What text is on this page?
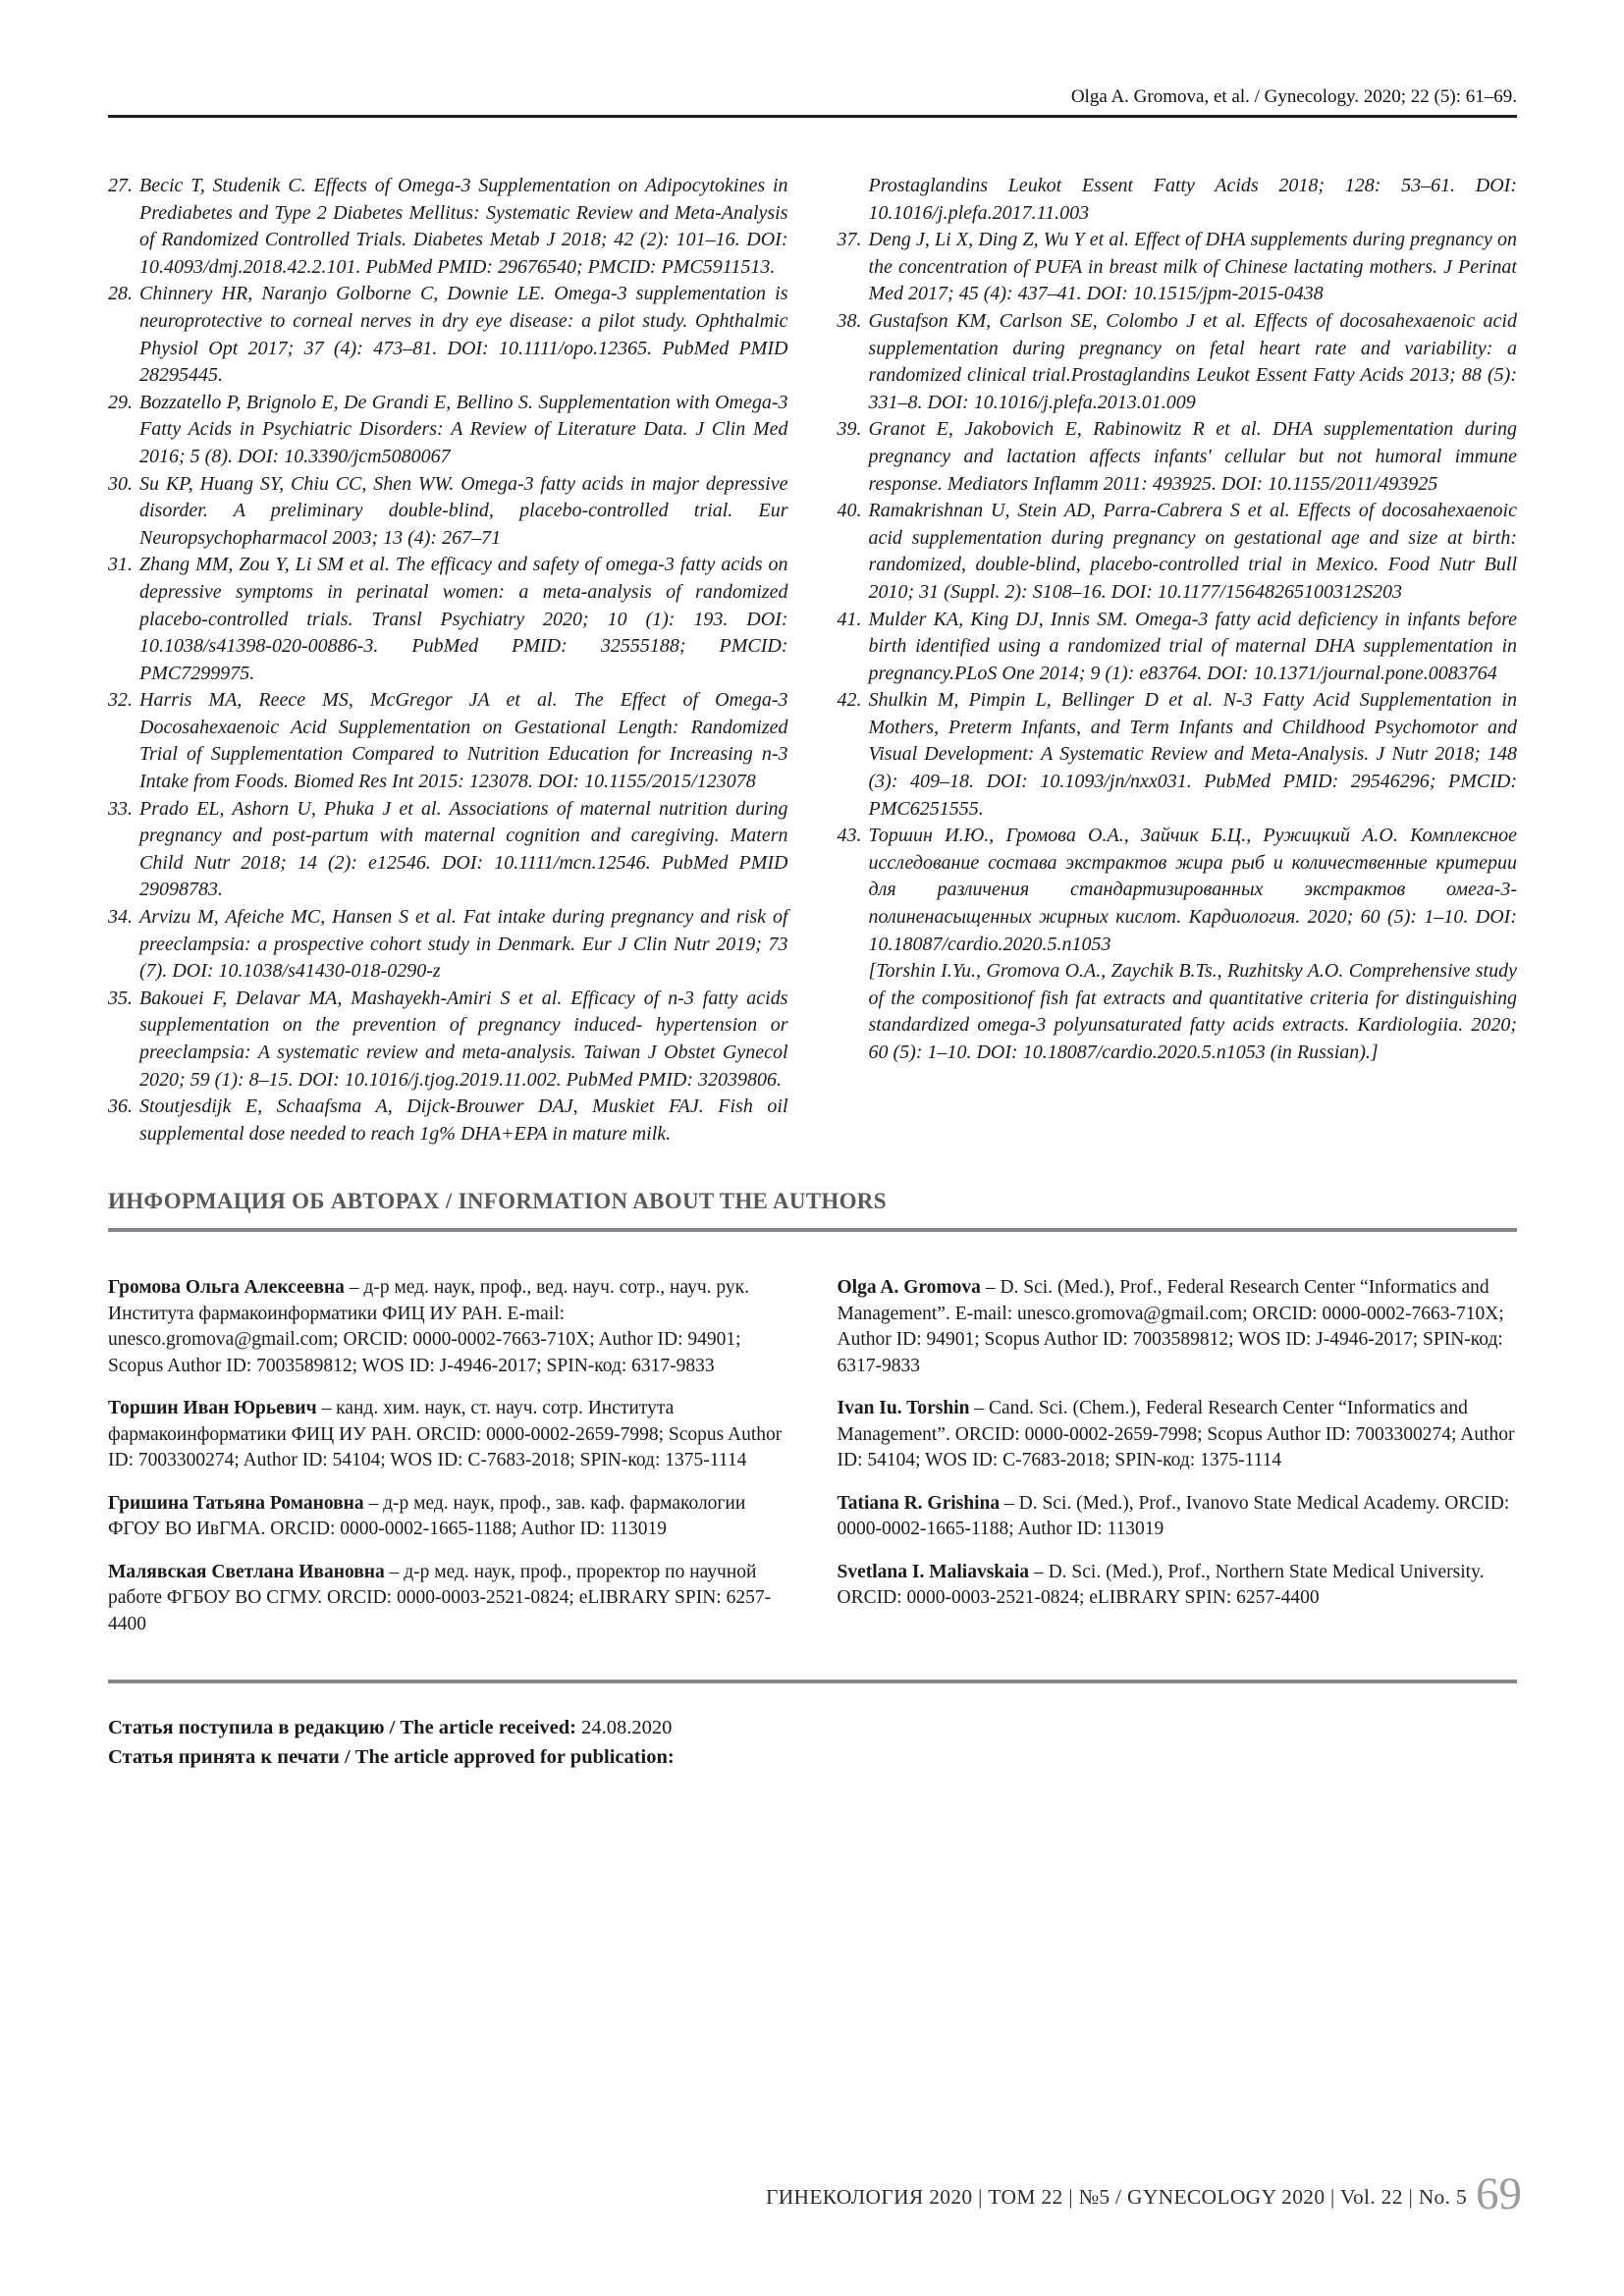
Olga A. Gromova, et al. / Gynecology. 2020; 22 (5): 61–69.

27. Becic T, Studenik C. Effects of Omega-3 Supplementation on Adipocytokines in Prediabetes and Type 2 Diabetes Mellitus: Systematic Review and Meta-Analysis of Randomized Controlled Trials. Diabetes Metab J 2018; 42 (2): 101–16. DOI: 10.4093/dmj.2018.42.2.101. PubMed PMID: 29676540; PMCID: PMC5911513.

28. Chinnery HR, Naranjo Golborne C, Downie LE. Omega-3 supplementation is neuroprotective to corneal nerves in dry eye disease: a pilot study. Ophthalmic Physiol Opt 2017; 37 (4): 473–81. DOI: 10.1111/opo.12365. PubMed PMID 28295445.

29. Bozzatello P, Brignolo E, De Grandi E, Bellino S. Supplementation with Omega-3 Fatty Acids in Psychiatric Disorders: A Review of Literature Data. J Clin Med 2016; 5 (8). DOI: 10.3390/jcm5080067

30. Su KP, Huang SY, Chiu CC, Shen WW. Omega-3 fatty acids in major depressive disorder. A preliminary double-blind, placebo-controlled trial. Eur Neuropsychopharmacol 2003; 13 (4): 267–71

31. Zhang MM, Zou Y, Li SM et al. The efficacy and safety of omega-3 fatty acids on depressive symptoms in perinatal women: a meta-analysis of randomized placebo-controlled trials. Transl Psychiatry 2020; 10 (1): 193. DOI: 10.1038/s41398-020-00886-3. PubMed PMID: 32555188; PMCID: PMC7299975.

32. Harris MA, Reece MS, McGregor JA et al. The Effect of Omega-3 Docosahexaenoic Acid Supplementation on Gestational Length: Randomized Trial of Supplementation Compared to Nutrition Education for Increasing n-3 Intake from Foods. Biomed Res Int 2015: 123078. DOI: 10.1155/2015/123078

33. Prado EL, Ashorn U, Phuka J et al. Associations of maternal nutrition during pregnancy and post-partum with maternal cognition and caregiving. Matern Child Nutr 2018; 14 (2): e12546. DOI: 10.1111/mcn.12546. PubMed PMID 29098783.

34. Arvizu M, Afeiche MC, Hansen S et al. Fat intake during pregnancy and risk of preeclampsia: a prospective cohort study in Denmark. Eur J Clin Nutr 2019; 73 (7). DOI: 10.1038/s41430-018-0290-z

35. Bakouei F, Delavar MA, Mashayekh-Amiri S et al. Efficacy of n-3 fatty acids supplementation on the prevention of pregnancy induced- hypertension or preeclampsia: A systematic review and meta-analysis. Taiwan J Obstet Gynecol 2020; 59 (1): 8–15. DOI: 10.1016/j.tjog.2019.11.002. PubMed PMID: 32039806.

36. Stoutjesdijk E, Schaafsma A, Dijck-Brouwer DAJ, Muskiet FAJ. Fish oil supplemental dose needed to reach 1g% DHA+EPA in mature milk.

Prostaglandins Leukot Essent Fatty Acids 2018; 128: 53–61. DOI: 10.1016/j.plefa.2017.11.003

37. Deng J, Li X, Ding Z, Wu Y et al. Effect of DHA supplements during pregnancy on the concentration of PUFA in breast milk of Chinese lactating mothers. J Perinat Med 2017; 45 (4): 437–41. DOI: 10.1515/jpm-2015-0438

38. Gustafson KM, Carlson SE, Colombo J et al. Effects of docosahexaenoic acid supplementation during pregnancy on fetal heart rate and variability: a randomized clinical trial.Prostaglandins Leukot Essent Fatty Acids 2013; 88 (5): 331–8. DOI: 10.1016/j.plefa.2013.01.009

39. Granot E, Jakobovich E, Rabinowitz R et al. DHA supplementation during pregnancy and lactation affects infants' cellular but not humoral immune response. Mediators Inflamm 2011: 493925. DOI: 10.1155/2011/493925

40. Ramakrishnan U, Stein AD, Parra-Cabrera S et al. Effects of docosahexaenoic acid supplementation during pregnancy on gestational age and size at birth: randomized, double-blind, placebo-controlled trial in Mexico. Food Nutr Bull 2010; 31 (Suppl. 2): S108–16. DOI: 10.1177/15648265100312S203

41. Mulder KA, King DJ, Innis SM. Omega-3 fatty acid deficiency in infants before birth identified using a randomized trial of maternal DHA supplementation in pregnancy.PLoS One 2014; 9 (1): e83764. DOI: 10.1371/journal.pone.0083764

42. Shulkin M, Pimpin L, Bellinger D et al. N-3 Fatty Acid Supplementation in Mothers, Preterm Infants, and Term Infants and Childhood Psychomotor and Visual Development: A Systematic Review and Meta-Analysis. J Nutr 2018; 148 (3): 409–18. DOI: 10.1093/jn/nxx031. PubMed PMID: 29546296; PMCID: PMC6251555.

43. Торшин И.Ю., Громова О.А., Зайчик Б.Ц., Ружицкий А.О. Комплексное исследование состава экстрактов жира рыб и количественные критерии для различения стандартизированных экстрактов омега-3-полиненасыщенных жирных кислот. Кардиология. 2020; 60 (5): 1–10. DOI: 10.18087/cardio.2020.5.n1053

[Torshin I.Yu., Gromova O.A., Zaychik B.Ts., Ruzhitsky A.O. Comprehensive study of the compositionof fish fat extracts and quantitative criteria for distinguishing standardized omega-3 polyunsaturated fatty acids extracts. Kardiologiia. 2020; 60 (5): 1–10. DOI: 10.18087/cardio.2020.5.n1053 (in Russian).]

ИНФОРМАЦИЯ ОБ АВТОРАХ / INFORMATION ABOUT THE AUTHORS

Громова Ольга Алексеевна – д-р мед. наук, проф., вед. науч. сотр., науч. рук. Института фармакоинформатики ФИЦ ИУ РАН. E-mail: unesco.gromova@gmail.com; ORCID: 0000-0002-7663-710X; Author ID: 94901; Scopus Author ID: 7003589812; WOS ID: J-4946-2017; SPIN-код: 6317-9833

Торшин Иван Юрьевич – канд. хим. наук, ст. науч. сотр. Института фармакоинформатики ФИЦ ИУ РАН. ORCID: 0000-0002-2659-7998; Scopus Author ID: 7003300274; Author ID: 54104; WOS ID: C-7683-2018; SPIN-код: 1375-1114

Гришина Татьяна Романовна – д-р мед. наук, проф., зав. каф. фармакологии ФГОУ ВО ИвГМА. ORCID: 0000-0002-1665-1188; Author ID: 113019

Малявская Светлана Ивановна – д-р мед. наук, проф., проректор по научной работе ФГБОУ ВО СГМУ. ORCID: 0000-0003-2521-0824; eLIBRARY SPIN: 6257-4400

Olga A. Gromova – D. Sci. (Med.), Prof., Federal Research Center “Informatics and Management”. E-mail: unesco.gromova@gmail.com; ORCID: 0000-0002-7663-710X; Author ID: 94901; Scopus Author ID: 7003589812; WOS ID: J-4946-2017; SPIN-код: 6317-9833

Ivan Iu. Torshin – Cand. Sci. (Chem.), Federal Research Center “Informatics and Management”. ORCID: 0000-0002-2659-7998; Scopus Author ID: 7003300274; Author ID: 54104; WOS ID: C-7683-2018; SPIN-код: 1375-1114

Tatiana R. Grishina – D. Sci. (Med.), Prof., Ivanovo State Medical Academy. ORCID: 0000-0002-1665-1188; Author ID: 113019

Svetlana I. Maliavskaia – D. Sci. (Med.), Prof., Northern State Medical University. ORCID: 0000-0003-2521-0824; eLIBRARY SPIN: 6257-4400

Статья поступила в редакцию / The article received: 24.08.2020
Статья принята к печати / The article approved for publication:
ГИНЕКОЛОГИЯ 2020 | ТОМ 22 | №5 / GYNECOLOGY 2020 | Vol. 22 | No. 5 69
